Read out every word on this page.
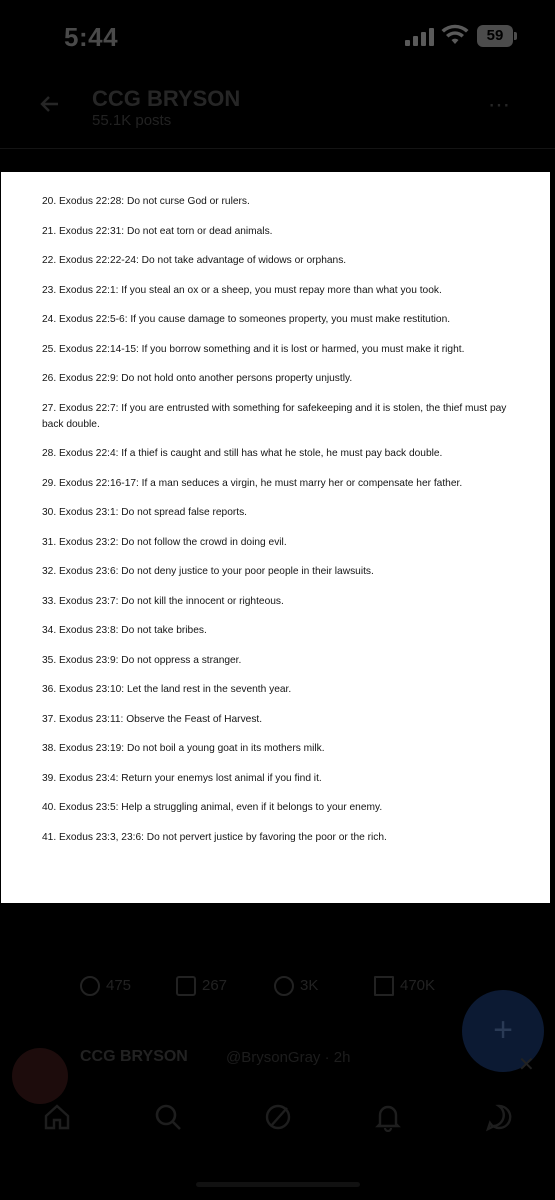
5:44	59
CCG BRYSON
55.1K posts
⋯
20. Exodus 22:28: Do not curse God or rulers.
21. Exodus 22:31: Do not eat torn or dead animals.
22. Exodus 22:22-24: Do not take advantage of widows or orphans.
23. Exodus 22:1: If you steal an ox or a sheep, you must repay more than what you took.
24. Exodus 22:5-6: If you cause damage to someones property, you must make restitution.
25. Exodus 22:14-15: If you borrow something and it is lost or harmed, you must make it right.
26. Exodus 22:9: Do not hold onto another persons property unjustly.
27. Exodus 22:7: If you are entrusted with something for safekeeping and it is stolen, the thief must pay back double.
28. Exodus 22:4: If a thief is caught and still has what he stole, he must pay back double.
29. Exodus 22:16-17: If a man seduces a virgin, he must marry her or compensate her father.
30. Exodus 23:1: Do not spread false reports.
31. Exodus 23:2: Do not follow the crowd in doing evil.
32. Exodus 23:6: Do not deny justice to your poor people in their lawsuits.
33. Exodus 23:7: Do not kill the innocent or righteous.
34. Exodus 23:8: Do not take bribes.
35. Exodus 23:9: Do not oppress a stranger.
36. Exodus 23:10: Let the land rest in the seventh year.
37. Exodus 23:11: Observe the Feast of Harvest.
38. Exodus 23:19: Do not boil a young goat in its mothers milk.
39. Exodus 23:4: Return your enemys lost animal if you find it.
40. Exodus 23:5: Help a struggling animal, even if it belongs to your enemy.
41. Exodus 23:3, 23:6: Do not pervert justice by favoring the poor or the rich.
475	267	3K	470K
+
CCG BRYSON	@BrysonGray · 2h	✕
